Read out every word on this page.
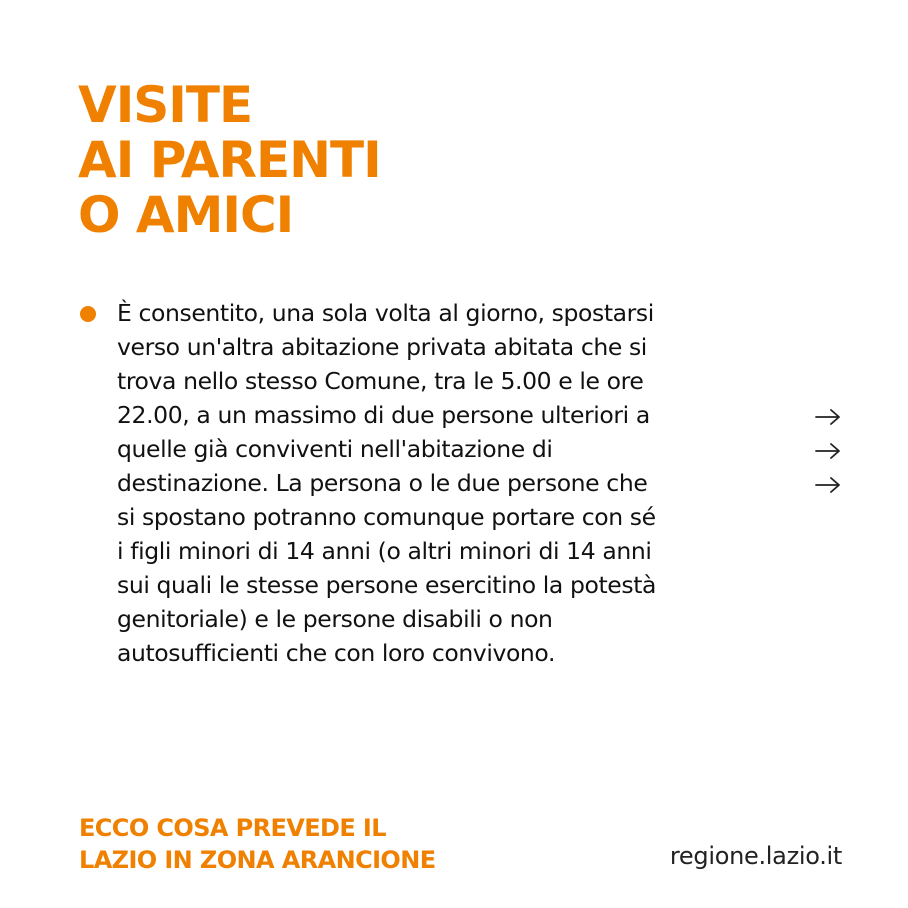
VISITE
AI PARENTI
O AMICI

È consentito, una sola volta al giorno, spostarsi
verso un'altra abitazione privata abitata che si
trova nello stesso Comune, tra le 5.00 e le ore
22.00, a un massimo di due persone ulteriori a
quelle già conviventi nell'abitazione di
destinazione. La persona o le due persone che
si spostano potranno comunque portare con sé
i figli minori di 14 anni (o altri minori di 14 anni
sui quali le stesse persone esercitino la potestà
genitoriale) e le persone disabili o non
autosufficienti che con loro convivono.

ECCO COSA PREVEDE IL
LAZIO IN ZONA ARANCIONE	regione.lazio.it
